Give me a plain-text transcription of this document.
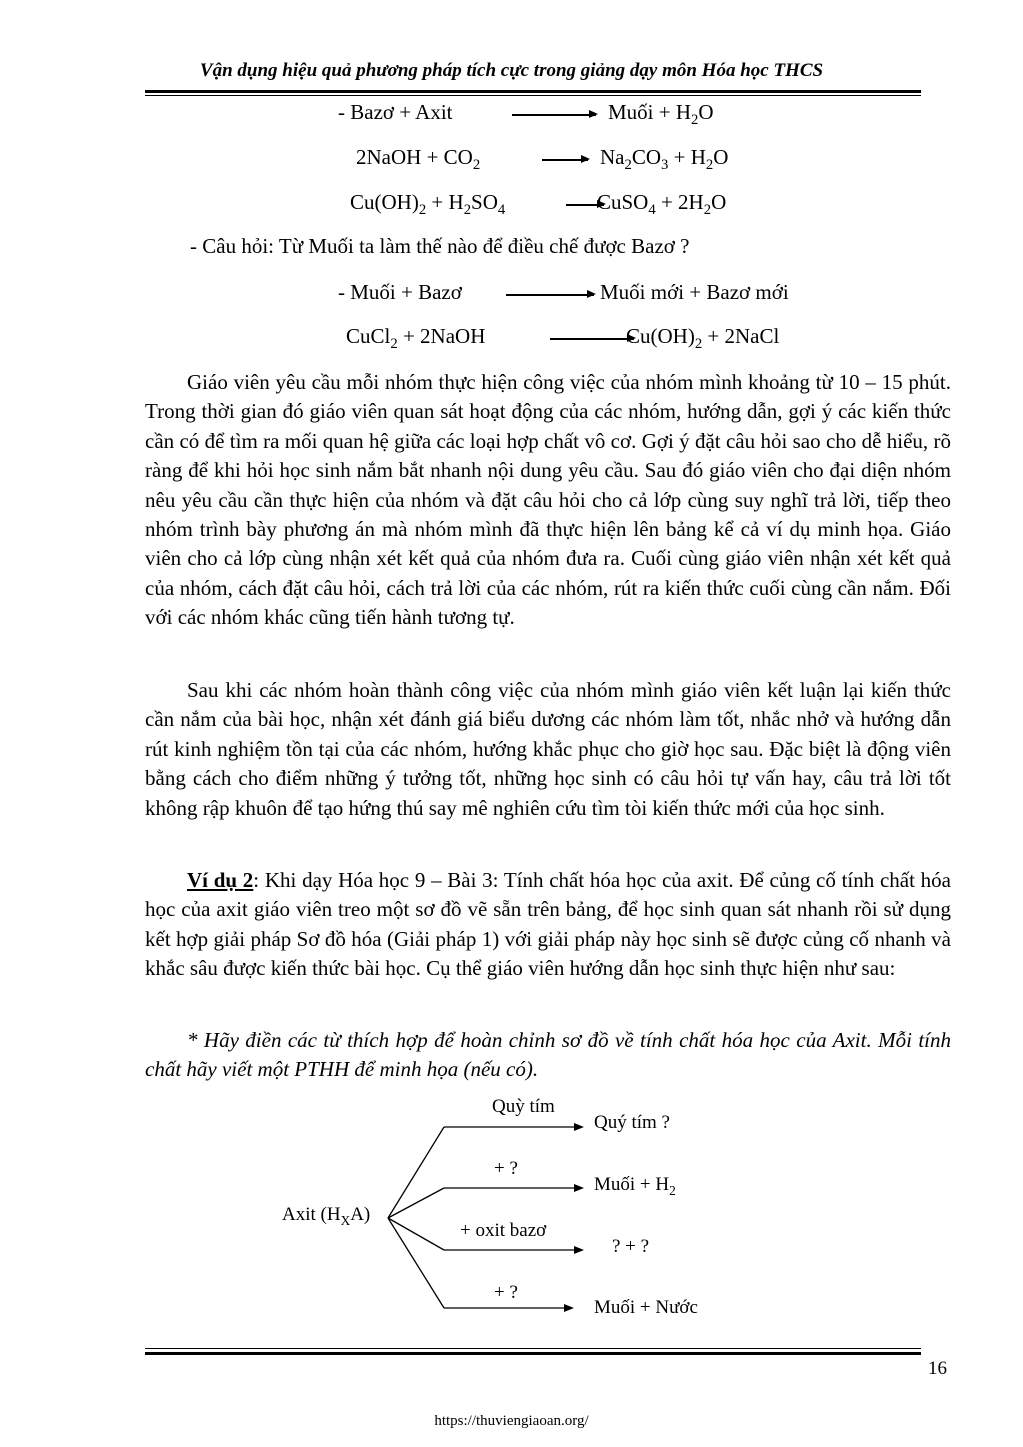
Vận dụng hiệu quả phương pháp tích cực trong giảng dạy môn Hóa học THCS
- Bazơ + Axit	Muối + $H_2O$
2NaOH + $CO_2$	$Na_2CO_3 + H_2O$
$Cu(OH)_2 + H_2SO_4$	CuSO$_4$ + $2H_2O$
- Câu hỏi: Từ Muối ta làm thế nào để điều chế được Bazơ ?
- Muối + Bazơ	Muối mới + Bazơ mới
CuCl$_2$ + 2NaOH	$Cu(OH)_2$ + 2NaCl
Giáo viên yêu cầu mỗi nhóm thực hiện công việc của nhóm mình khoảng từ 10 – 15 phút. Trong thời gian đó giáo viên quan sát hoạt động của các nhóm, hướng dẫn, gợi ý các kiến thức cần có để tìm ra mối quan hệ giữa các loại hợp chất vô cơ. Gợi ý đặt câu hỏi sao cho dễ hiểu, rõ ràng để khi hỏi học sinh nắm bắt nhanh nội dung yêu cầu. Sau đó giáo viên cho đại diện nhóm nêu yêu cầu cần thực hiện của nhóm và đặt câu hỏi cho cả lớp cùng suy nghĩ trả lời, tiếp theo nhóm trình bày phương án mà nhóm mình đã thực hiện lên bảng kể cả ví dụ minh họa. Giáo viên cho cả lớp cùng nhận xét kết quả của nhóm đưa ra. Cuối cùng giáo viên nhận xét kết quả của nhóm, cách đặt câu hỏi, cách trả lời của các nhóm, rút ra kiến thức cuối cùng cần nắm. Đối với các nhóm khác cũng tiến hành tương tự.
Sau khi các nhóm hoàn thành công việc của nhóm mình giáo viên kết luận lại kiến thức cần nắm của bài học, nhận xét đánh giá biểu dương các nhóm làm tốt, nhắc nhở và hướng dẫn rút kinh nghiệm tồn tại của các nhóm, hướng khắc phục cho giờ học sau. Đặc biệt là động viên bằng cách cho điểm những ý tưởng tốt, những học sinh có câu hỏi tự vấn hay, câu trả lời tốt không rập khuôn để tạo hứng thú say mê nghiên cứu tìm tòi kiến thức mới của học sinh.
Ví dụ 2: Khi dạy Hóa học 9 – Bài 3: Tính chất hóa học của axit. Để củng cố tính chất hóa học của axit giáo viên treo một sơ đồ vẽ sẵn trên bảng, để học sinh quan sát nhanh rồi sử dụng kết hợp giải pháp Sơ đồ hóa (Giải pháp 1) với giải pháp này học sinh sẽ được củng cố nhanh và khắc sâu được kiến thức bài học. Cụ thể giáo viên hướng dẫn học sinh thực hiện như sau:
* Hãy điền các từ thích hợp để hoàn chỉnh sơ đồ về tính chất hóa học của Axit. Mỗi tính chất hãy viết một PTHH để minh họa (nếu có).
Axit $(H_XA)$
Quỳ tím
Quý tím ?
+ ?
Muối + $H_2$
+ oxit bazơ
? + ?
+ ?
Muối + Nước
16
https://thuviengiaoan.org/
